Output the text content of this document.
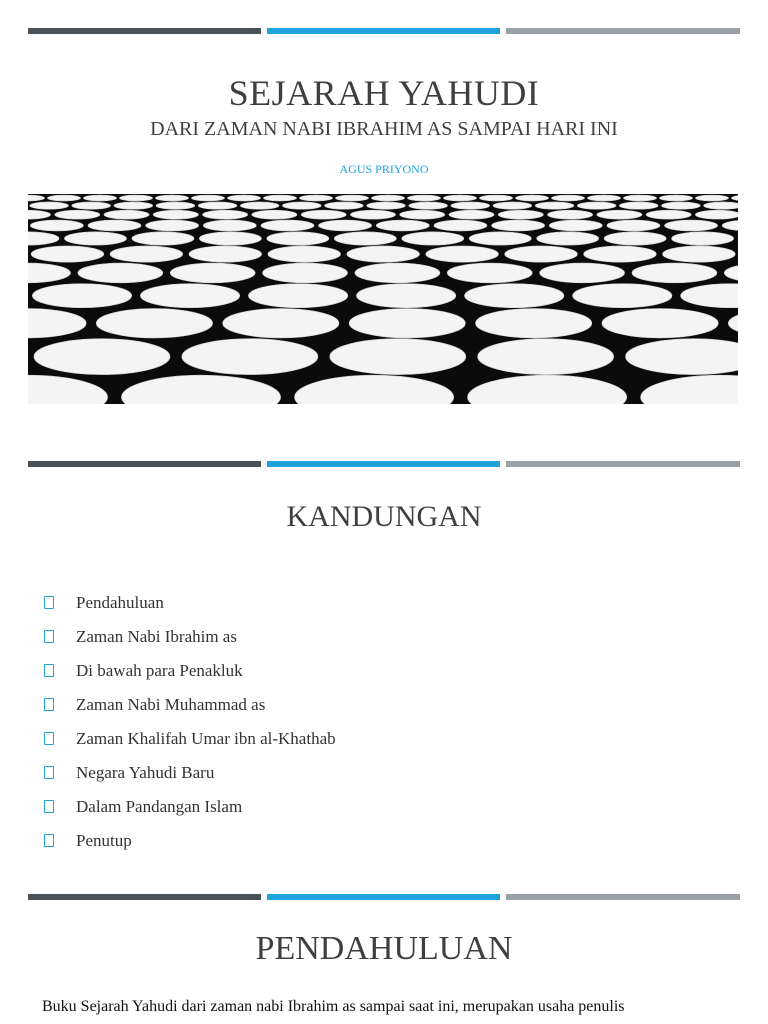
SEJARAH YAHUDI
DARI ZAMAN NABI IBRAHIM AS SAMPAI HARI INI
AGUS PRIYONO
KANDUNGAN
Pendahuluan
Zaman Nabi Ibrahim as
Di bawah para Penakluk
Zaman Nabi Muhammad as
Zaman Khalifah Umar ibn al-Khathab
Negara Yahudi Baru
Dalam Pandangan Islam
Penutup
PENDAHULUAN
Buku Sejarah Yahudi dari zaman nabi Ibrahim as sampai saat ini, merupakan usaha penulis
